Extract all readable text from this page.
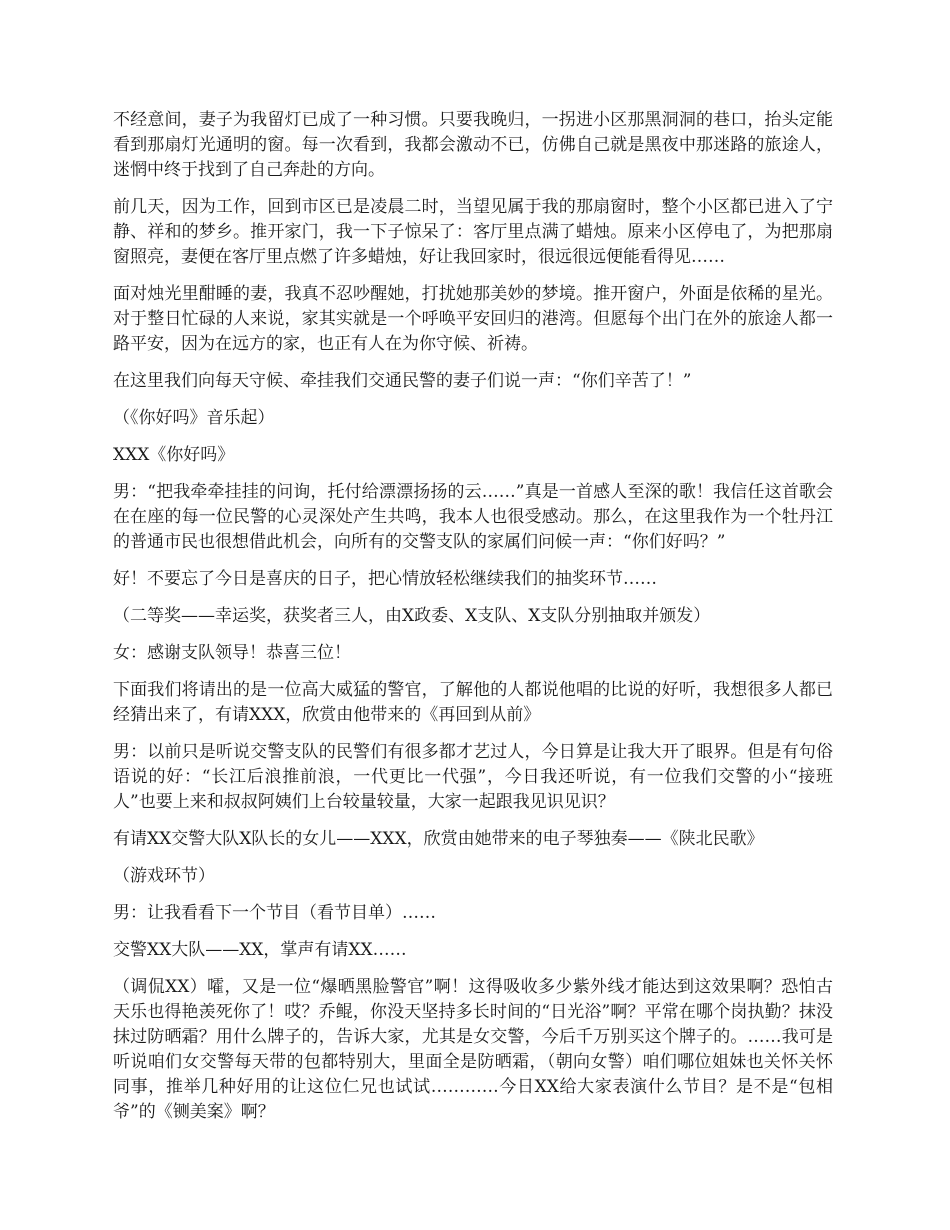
不经意间，妻子为我留灯已成了一种习惯。只要我晚归，一拐进小区那黑洞洞的巷口，抬头定能看到那扇灯光通明的窗。每一次看到，我都会激动不已，仿佛自己就是黑夜中那迷路的旅途人，迷惘中终于找到了自己奔赴的方向。

前几天，因为工作，回到市区已是凌晨二时，当望见属于我的那扇窗时，整个小区都已进入了宁静、祥和的梦乡。推开家门，我一下子惊呆了：客厅里点满了蜡烛。原来小区停电了，为把那扇窗照亮，妻便在客厅里点燃了许多蜡烛，好让我回家时，很远很远便能看得见……

面对烛光里酣睡的妻，我真不忍吵醒她，打扰她那美妙的梦境。推开窗户，外面是依稀的星光。对于整日忙碌的人来说，家其实就是一个呼唤平安回归的港湾。但愿每个出门在外的旅途人都一路平安，因为在远方的家，也正有人在为你守候、祈祷。

在这里我们向每天守候、牵挂我们交通民警的妻子们说一声：“你们辛苦了！”

（《你好吗》音乐起）

XXX《你好吗》

男：“把我牵牵挂挂的问询，托付给漂漂扬扬的云……”真是一首感人至深的歌！我信任这首歌会在在座的每一位民警的心灵深处产生共鸣，我本人也很受感动。那么，在这里我作为一个牡丹江的普通市民也很想借此机会，向所有的交警支队的家属们问候一声：“你们好吗？”

好！不要忘了今日是喜庆的日子，把心情放轻松继续我们的抽奖环节……

（二等奖——幸运奖，获奖者三人，由X政委、X支队、X支队分别抽取并颁发）

女：感谢支队领导！恭喜三位！

下面我们将请出的是一位高大威猛的警官，了解他的人都说他唱的比说的好听，我想很多人都已经猜出来了，有请XXX，欣赏由他带来的《再回到从前》

男：以前只是听说交警支队的民警们有很多都才艺过人，今日算是让我大开了眼界。但是有句俗语说的好：“长江后浪推前浪，一代更比一代强”，今日我还听说，有一位我们交警的小“接班人”也要上来和叔叔阿姨们上台较量较量，大家一起跟我见识见识？

有请XX交警大队X队长的女儿——XXX，欣赏由她带来的电子琴独奏——《陕北民歌》

（游戏环节）

男：让我看看下一个节目（看节目单）……

交警XX大队——XX，掌声有请XX……

（调侃XX）嚯，又是一位“爆晒黑脸警官”啊！这得吸收多少紫外线才能达到这效果啊？恐怕古天乐也得艳羡死你了！哎？乔鲲，你没天坚持多长时间的“日光浴”啊？平常在哪个岗执勤？抹没抹过防晒霜？用什么牌子的，告诉大家，尤其是女交警，今后千万别买这个牌子的。……我可是听说咱们女交警每天带的包都特别大，里面全是防晒霜，（朝向女警）咱们哪位姐妹也关怀关怀同事，推举几种好用的让这位仁兄也试试…………今日XX给大家表演什么节目？是不是“包相爷”的《铡美案》啊？
